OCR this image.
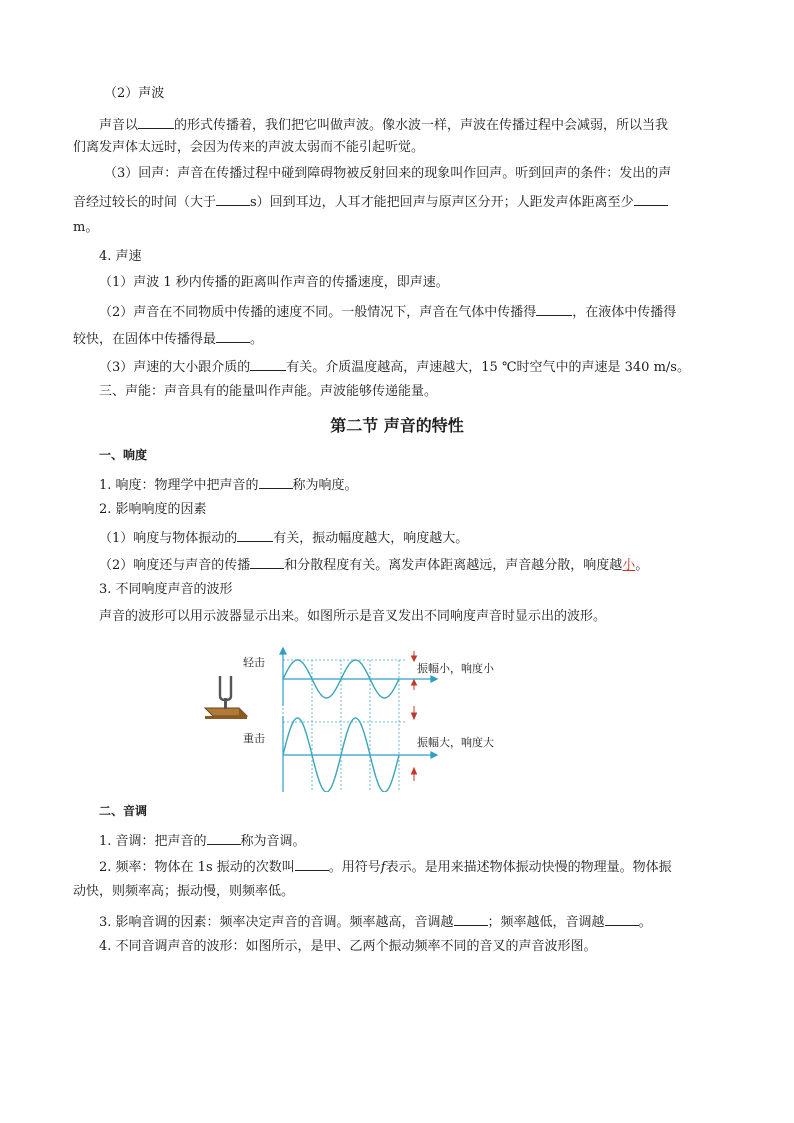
（2）声波
声音以	的形式传播着，我们把它叫做声波。像水波一样，声波在传播过程中会减弱，所以当我
们离发声体太远时，会因为传来的声波太弱而不能引起听觉。
（3）回声：声音在传播过程中碰到障碍物被反射回来的现象叫作回声。听到回声的条件：发出的声
音经过较长的时间（大于	s）回到耳边，人耳才能把回声与原声区分开；人距发声体距离至少
m。
4. 声速
（1）声波 1 秒内传播的距离叫作声音的传播速度，即声速。
（2）声音在不同物质中传播的速度不同。一般情况下，声音在气体中传播得	，在液体中传播得
较快，在固体中传播得最	。
（3）声速的大小跟介质的	有关。介质温度越高，声速越大，15 ℃时空气中的声速是 340 m/s。
三、声能：声音具有的能量叫作声能。声波能够传递能量。
第二节 声音的特性
一、响度
1. 响度：物理学中把声音的	称为响度。
2. 影响响度的因素
（1）响度与物体振动的	有关，振动幅度越大，响度越大。
（2）响度还与声音的传播	和分散程度有关。离发声体距离越远，声音越分散，响度越小。
3. 不同响度声音的波形
声音的波形可以用示波器显示出来。如图所示是音叉发出不同响度声音时显示出的波形。
轻击
重击
振幅小，响度小
振幅大，响度大
二、音调
1. 音调：把声音的	称为音调。
2. 频率：物体在 1s 振动的次数叫	。用符号f表示。是用来描述物体振动快慢的物理量。物体振
动快，则频率高；振动慢，则频率低。
3. 影响音调的因素：频率决定声音的音调。频率越高，音调越	；频率越低，音调越	。
4. 不同音调声音的波形：如图所示，是甲、乙两个振动频率不同的音叉的声音波形图。
